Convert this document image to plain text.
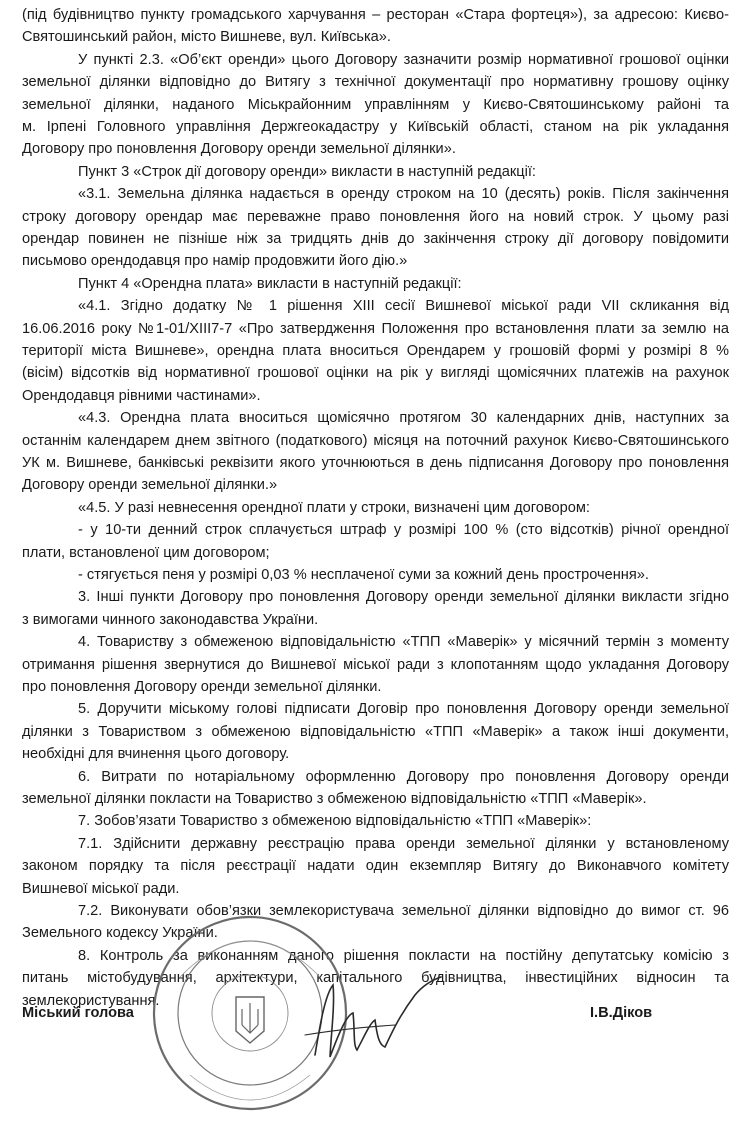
(під будівництво пункту громадського харчування – ресторан «Стара фортеця»), за адресою: Києво-
Святошинський район, місто Вишневе, вул. Київська».
У пункті 2.3. «Об’єкт оренди» цього Договору зазначити розмір нормативної грошової оцінки
земельної ділянки відповідно до Витягу з технічної документації про нормативну грошову оцінку
земельної ділянки, наданого Міськрайонним управлінням у Києво-Святошинському районі та
м. Ірпені Головного управління Держгеокадастру у Київській області, станом на рік укладання
Договору про поновлення Договору оренди земельної ділянки».
Пункт 3 «Строк дії договору оренди» викласти в наступній редакції:
«3.1. Земельна ділянка надається в оренду строком на 10 (десять) років. Після закінчення
строку договору орендар має переважне право поновлення його на новий строк. У цьому разі
орендар повинен не пізніше ніж за тридцять днів до закінчення строку дії договору повідомити
письмово орендодавця про намір продовжити його дію.»
Пункт 4 «Орендна плата» викласти в наступній редакції:
«4.1. Згідно додатку № 1 рішення XIII сесії Вишневої міської ради VII скликання від
16.06.2016 року №1-01/XIII7-7 «Про затвердження Положення про встановлення плати за землю на
території міста Вишневе», орендна плата вноситься Орендарем у грошовій формі у розмірі 8 %
(вісім) відсотків від нормативної грошової оцінки на рік у вигляді щомісячних платежів на рахунок
Орендодавця рівними частинами».
«4.3. Орендна плата вноситься щомісячно протягом 30 календарних днів, наступних за
останнім календарем днем звітного (податкового) місяця на поточний рахунок Києво-Святошинського
УК м. Вишневе, банківські реквізити якого уточнюються в день підписання Договору про поновлення
Договору оренди земельної ділянки.»
«4.5. У разі невнесення орендної плати у строки, визначені цим договором:
- у 10-ти денний строк сплачується штраф у розмірі 100 % (сто відсотків) річної орендної
плати, встановленої цим договором;
- стягується пеня у розмірі 0,03 % несплаченої суми за кожний день прострочення».
3. Інші пункти Договору про поновлення Договору оренди земельної ділянки викласти згідно
з вимогами чинного законодавства України.
4. Товариству з обмеженою відповідальністю «ТПП «Маверік» у місячний термін з моменту
отримання рішення звернутися до Вишневої міської ради з клопотанням щодо укладання Договору
про поновлення Договору оренди земельної ділянки.
5. Доручити міському голові підписати Договір про поновлення Договору оренди земельної
ділянки з Товариством з обмеженою відповідальністю «ТПП «Маверік» а також інші документи,
необхідні для вчинення цього договору.
6. Витрати по нотаріальному оформленню Договору про поновлення Договору оренди
земельної ділянки покласти на Товариство з обмеженою відповідальністю «ТПП «Маверік».
7. Зобов’язати Товариство з обмеженою відповідальністю «ТПП «Маверік»:
7.1. Здійснити державну реєстрацію права оренди земельної ділянки у встановленому
законом порядку та після реєстрації надати один екземпляр Витягу до Виконавчого комітету
Вишневої міської ради.
7.2. Виконувати обов’язки землекористувача земельної ділянки відповідно до вимог ст. 96
Земельного кодексу України.
8. Контроль за виконанням даного рішення покласти на постійну депутатську комісію з
питань містобудування, архітектури, капітального будівництва, інвестиційних відносин та
землекористування.
Міський голова	І.В.Діков
